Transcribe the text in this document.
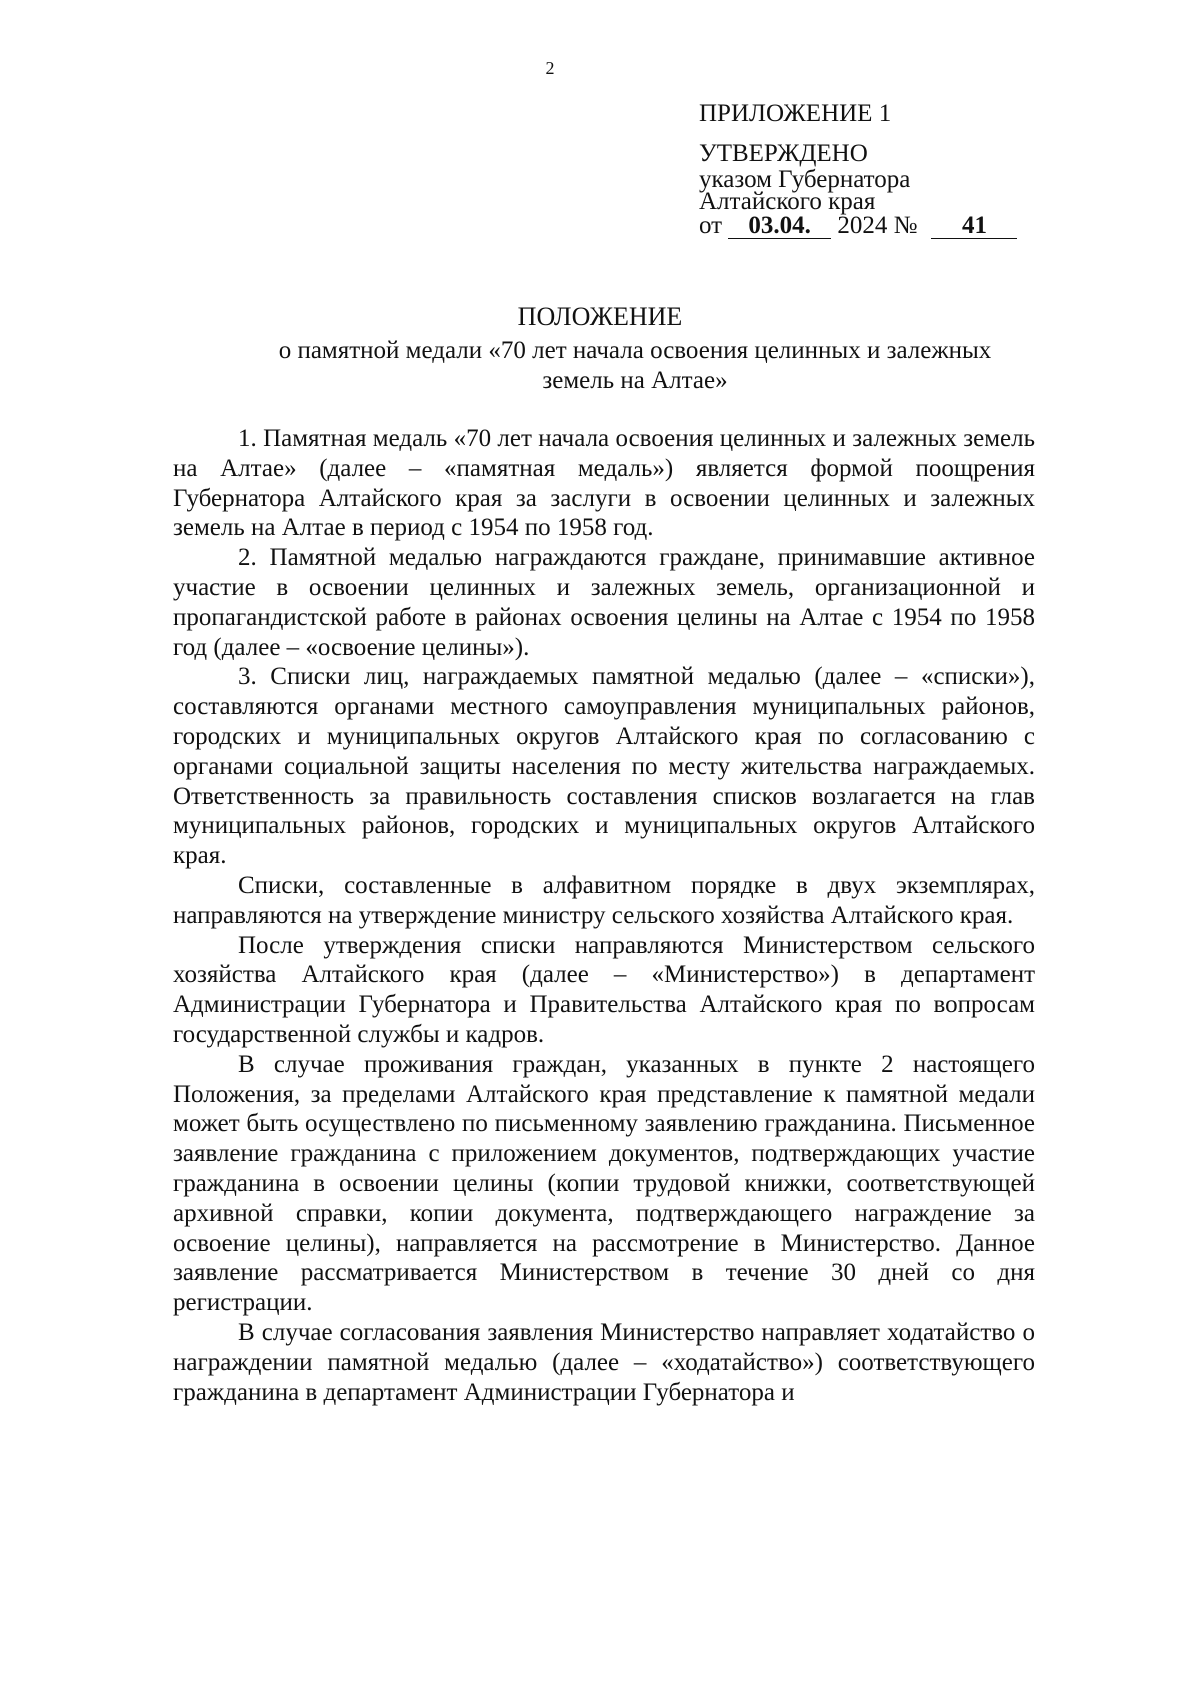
2
ПРИЛОЖЕНИЕ 1
УТВЕРЖДЕНО
указом Губернатора
Алтайского края
от 03.04. 2024 № 41
ПОЛОЖЕНИЕ
о памятной медали «70 лет начала освоения целинных и залежных земель на Алтае»

1. Памятная медаль «70 лет начала освоения целинных и залежных земель на Алтае» (далее – «памятная медаль») является формой поощрения Губернатора Алтайского края за заслуги в освоении целинных и залежных земель на Алтае в период с 1954 по 1958 год.

2. Памятной медалью награждаются граждане, принимавшие активное участие в освоении целинных и залежных земель, организационной и пропагандистской работе в районах освоения целины на Алтае с 1954 по 1958 год (далее – «освоение целины»).

3. Списки лиц, награждаемых памятной медалью (далее – «списки»), составляются органами местного самоуправления муниципальных районов, городских и муниципальных округов Алтайского края по согласованию с органами социальной защиты населения по месту жительства награждаемых. Ответственность за правильность составления списков возлагается на глав муниципальных районов, городских и муниципальных округов Алтайского края.

Списки, составленные в алфавитном порядке в двух экземплярах, направляются на утверждение министру сельского хозяйства Алтайского края.

После утверждения списки направляются Министерством сельского хозяйства Алтайского края (далее – «Министерство») в департамент Администрации Губернатора и Правительства Алтайского края по вопросам государственной службы и кадров.

В случае проживания граждан, указанных в пункте 2 настоящего Положения, за пределами Алтайского края представление к памятной медали может быть осуществлено по письменному заявлению гражданина. Письменное заявление гражданина с приложением документов, подтверждающих участие гражданина в освоении целины (копии трудовой книжки, соответствующей архивной справки, копии документа, подтверждающего награждение за освоение целины), направляется на рассмотрение в Министерство. Данное заявление рассматривается Министерством в течение 30 дней со дня регистрации.

В случае согласования заявления Министерство направляет ходатайство о награждении памятной медалью (далее – «ходатайство») соответствующего гражданина в департамент Администрации Губернатора и
